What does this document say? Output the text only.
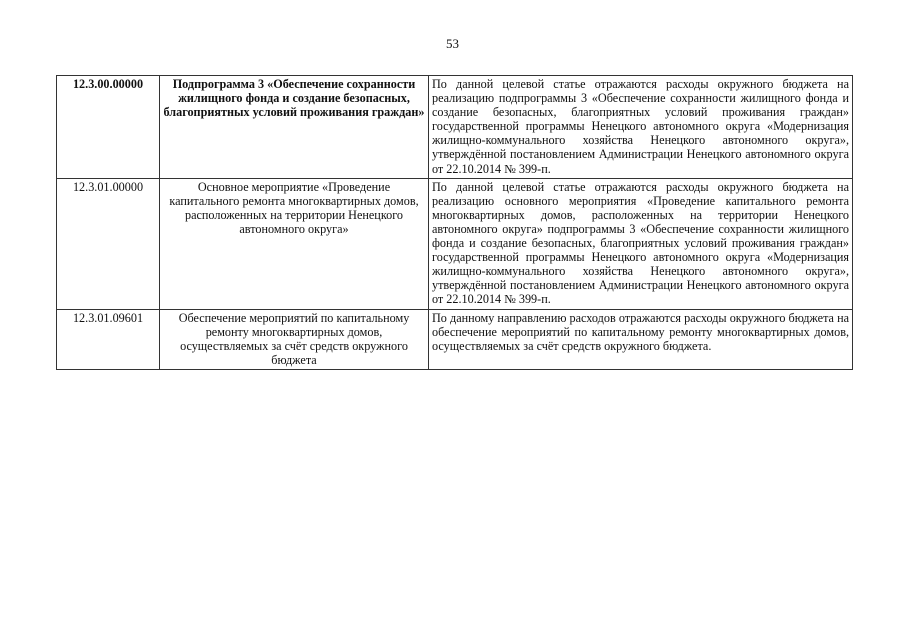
53
12.3.00.00000	Подпрограмма 3 «Обеспечение сохранности жилищного фонда и создание безопасных, благоприятных условий проживания граждан»	По данной целевой статье отражаются расходы окружного бюджета на реализацию подпрограммы 3 «Обеспечение сохранности жилищного фонда и создание безопасных, благоприятных условий проживания граждан» государственной программы Ненецкого автономного округа «Модернизация жилищно-коммунального хозяйства Ненецкого автономного округа», утверждённой постановлением Администрации Ненецкого автономного округа от 22.10.2014 № 399-п.

12.3.01.00000	Основное мероприятие «Проведение капитального ремонта многоквартирных домов, расположенных на территории Ненецкого автономного округа»	По данной целевой статье отражаются расходы окружного бюджета на реализацию основного мероприятия «Проведение капитального ремонта многоквартирных домов, расположенных на территории Ненецкого автономного округа» подпрограммы 3 «Обеспечение сохранности жилищного фонда и создание безопасных, благоприятных условий проживания граждан» государственной программы Ненецкого автономного округа «Модернизация жилищно-коммунального хозяйства Ненецкого автономного округа», утверждённой постановлением Администрации Ненецкого автономного округа от 22.10.2014 № 399-п.

12.3.01.09601	Обеспечение мероприятий по капитальному ремонту многоквартирных домов, осуществляемых за счёт средств окружного бюджета	По данному направлению расходов отражаются расходы окружного бюджета на обеспечение мероприятий по капитальному ремонту многоквартирных домов, осуществляемых за счёт средств окружного бюджета.
